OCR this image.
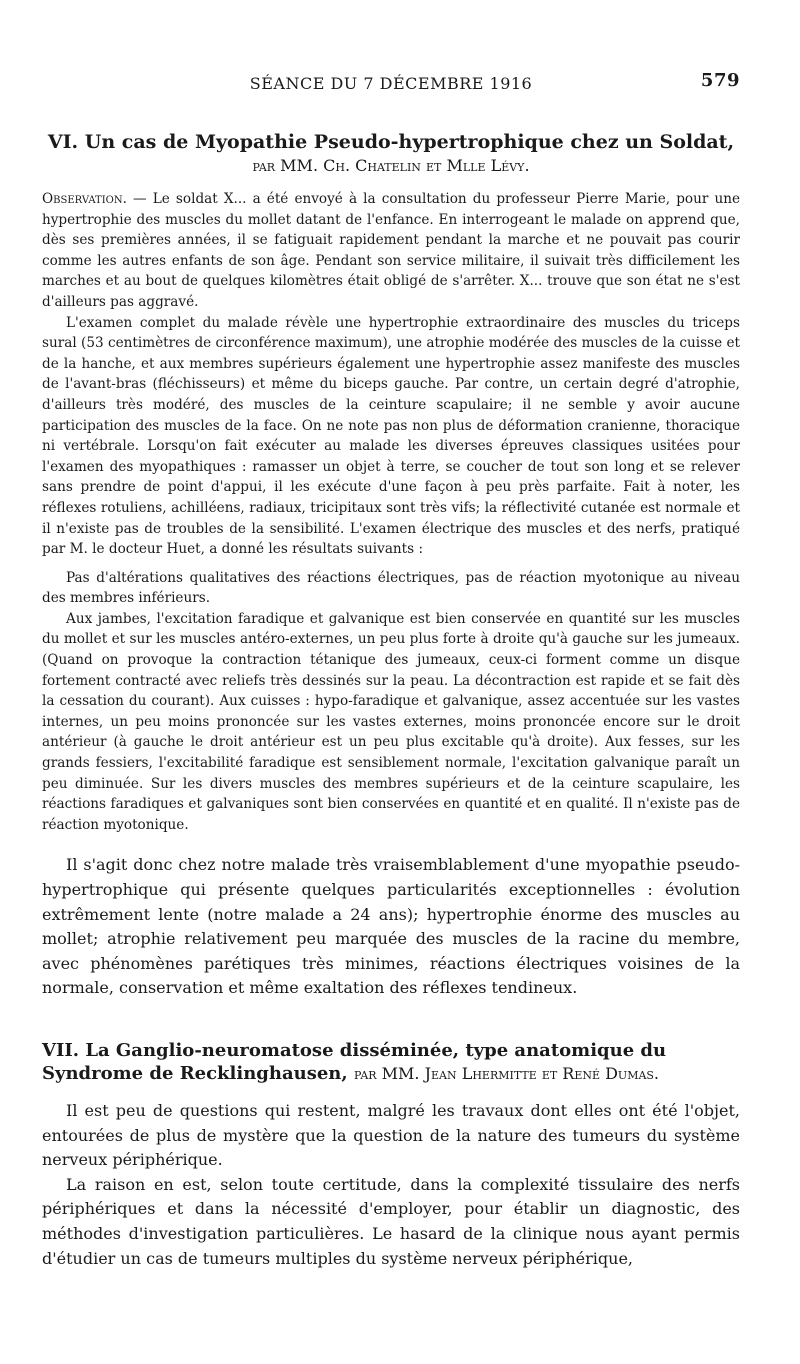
SÉANCE DU 7 DÉCEMBRE 1916	579
VI. Un cas de Myopathie Pseudo-hypertrophique chez un Soldat,
par MM. Ch. Chatelin et Mlle Lévy.

Observation. — Le soldat X... a été envoyé à la consultation du professeur Pierre Marie, pour une hypertrophie des muscles du mollet datant de l'enfance. En interrogeant le malade on apprend que, dès ses premières années, il se fatiguait rapidement pendant la marche et ne pouvait pas courir comme les autres enfants de son âge. Pendant son service militaire, il suivait très difficilement les marches et au bout de quelques kilomètres était obligé de s'arrêter. X... trouve que son état ne s'est d'ailleurs pas aggravé.

L'examen complet du malade révèle une hypertrophie extraordinaire des muscles du triceps sural (53 centimètres de circonférence maximum), une atrophie modérée des muscles de la cuisse et de la hanche, et aux membres supérieurs également une hypertrophie assez manifeste des muscles de l'avant-bras (fléchisseurs) et même du biceps gauche. Par contre, un certain degré d'atrophie, d'ailleurs très modéré, des muscles de la ceinture scapulaire; il ne semble y avoir aucune participation des muscles de la face. On ne note pas non plus de déformation cranienne, thoracique ni vertébrale. Lorsqu'on fait exécuter au malade les diverses épreuves classiques usitées pour l'examen des myopathiques : ramasser un objet à terre, se coucher de tout son long et se relever sans prendre de point d'appui, il les exécute d'une façon à peu près parfaite. Fait à noter, les réflexes rotuliens, achilléens, radiaux, tricipitaux sont très vifs; la réflectivité cutanée est normale et il n'existe pas de troubles de la sensibilité. L'examen électrique des muscles et des nerfs, pratiqué par M. le docteur Huet, a donné les résultats suivants :

Pas d'altérations qualitatives des réactions électriques, pas de réaction myotonique au niveau des membres inférieurs.

Aux jambes, l'excitation faradique et galvanique est bien conservée en quantité sur les muscles du mollet et sur les muscles antéro-externes, un peu plus forte à droite qu'à gauche sur les jumeaux. (Quand on provoque la contraction tétanique des jumeaux, ceux-ci forment comme un disque fortement contracté avec reliefs très dessinés sur la peau. La décontraction est rapide et se fait dès la cessation du courant). Aux cuisses : hypo-faradique et galvanique, assez accentuée sur les vastes internes, un peu moins prononcée sur les vastes externes, moins prononcée encore sur le droit antérieur (à gauche le droit antérieur est un peu plus excitable qu'à droite). Aux fesses, sur les grands fessiers, l'excitabilité faradique est sensiblement normale, l'excitation galvanique paraît un peu diminuée. Sur les divers muscles des membres supérieurs et de la ceinture scapulaire, les réactions faradiques et galvaniques sont bien conservées en quantité et en qualité. Il n'existe pas de réaction myotonique.

Il s'agit donc chez notre malade très vraisemblablement d'une myopathie pseudo-hypertrophique qui présente quelques particularités exceptionnelles : évolution extrêmement lente (notre malade a 24 ans); hypertrophie énorme des muscles au mollet; atrophie relativement peu marquée des muscles de la racine du membre, avec phénomènes parétiques très minimes, réactions électriques voisines de la normale, conservation et même exaltation des réflexes tendineux.

VII. La Ganglio-neuromatose disséminée, type anatomique du Syndrome de Recklinghausen, par MM. Jean Lhermitte et René Dumas.

Il est peu de questions qui restent, malgré les travaux dont elles ont été l'objet, entourées de plus de mystère que la question de la nature des tumeurs du système nerveux périphérique.

La raison en est, selon toute certitude, dans la complexité tissulaire des nerfs périphériques et dans la nécessité d'employer, pour établir un diagnostic, des méthodes d'investigation particulières. Le hasard de la clinique nous ayant permis d'étudier un cas de tumeurs multiples du système nerveux périphérique,
